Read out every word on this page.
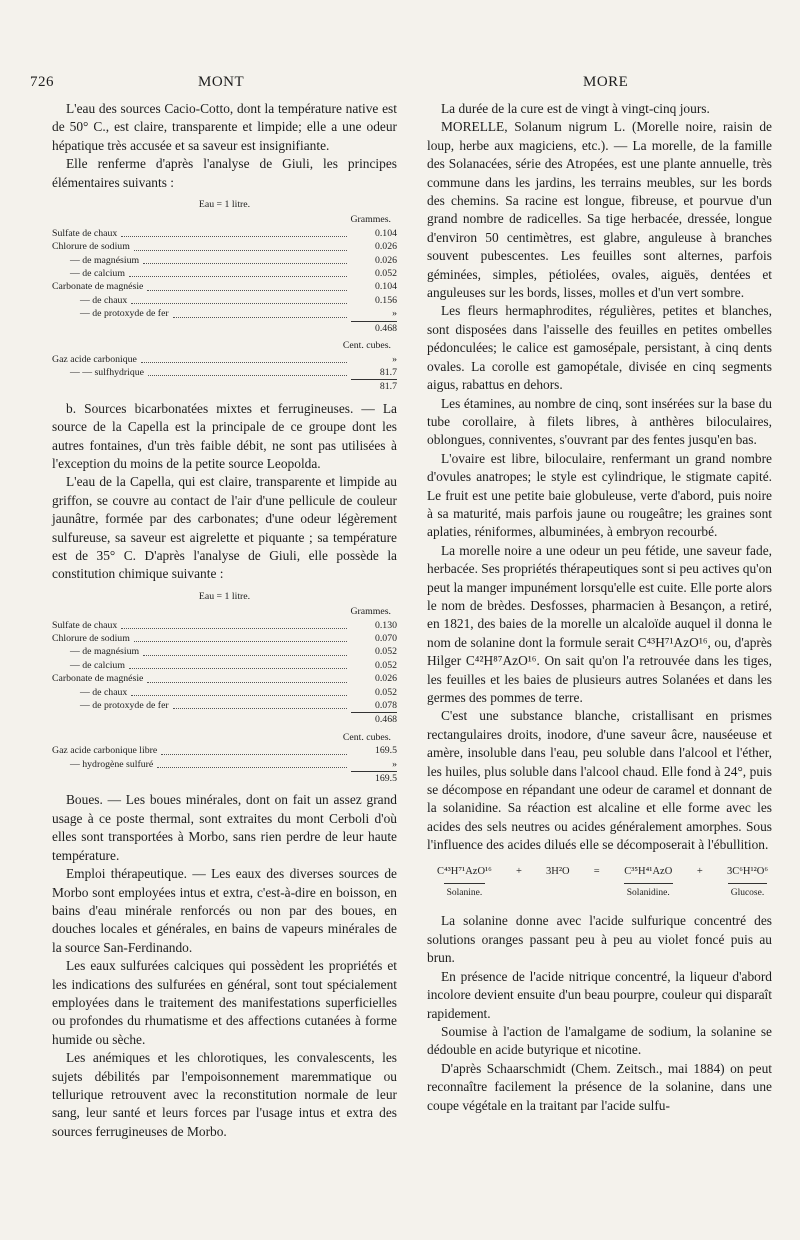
726	MONT	MORE

L'eau des sources Cacio-Cotto, dont la température native est de 50° C., est claire, transparente et limpide; elle a une odeur hépatique très accusée et sa saveur est insignifiante.

Elle renferme d'après l'analyse de Giuli, les principes élémentaires suivants :

Eau = 1 litre.
Grammes.
Sulfate de chaux	0.104
Chlorure de sodium	0.026
— de magnésium	0.026
— de calcium	0.052
Carbonate de magnésie	0.104
— de chaux	0.156
— de protoxyde de fer	»
0.468
Cent. cubes.
Gaz acide carbonique	»
— — sulfhydrique	81.7
81.7

b. Sources bicarbonatées mixtes et ferrugineuses. — La source de la Capella est la principale de ce groupe dont les autres fontaines, d'un très faible débit, ne sont pas utilisées à l'exception du moins de la petite source Leopolda.

L'eau de la Capella, qui est claire, transparente et limpide au griffon, se couvre au contact de l'air d'une pellicule de couleur jaunâtre, formée par des carbonates; d'une odeur légèrement sulfureuse, sa saveur est aigrelette et piquante ; sa température est de 35° C. D'après l'analyse de Giuli, elle possède la constitution chimique suivante :

Eau = 1 litre.
Grammes.
Sulfate de chaux	0.130
Chlorure de sodium	0.070
— de magnésium	0.052
— de calcium	0.052
Carbonate de magnésie	0.026
— de chaux	0.052
— de protoxyde de fer	0.078
0.468
Cent. cubes.
Gaz acide carbonique libre	169.5
— hydrogène sulfuré	»
169.5

Boues. — Les boues minérales, dont on fait un assez grand usage à ce poste thermal, sont extraites du mont Cerboli d'où elles sont transportées à Morbo, sans rien perdre de leur haute température.

Emploi thérapeutique. — Les eaux des diverses sources de Morbo sont employées intus et extra, c'est-à-dire en boisson, en bains d'eau minérale renforcés ou non par des boues, en douches locales et générales, en bains de vapeurs minérales de la source San-Ferdinando.

Les eaux sulfurées calciques qui possèdent les propriétés et les indications des sulfurées en général, sont tout spécialement employées dans le traitement des manifestations superficielles ou profondes du rhumatisme et des affections cutanées à forme humide ou sèche.

Les anémiques et les chlorotiques, les convalescents, les sujets débilités par l'empoisonnement maremmatique ou tellurique retrouvent avec la reconstitution normale de leur sang, leur santé et leurs forces par l'usage intus et extra des sources ferrugineuses de Morbo.

La durée de la cure est de vingt à vingt-cinq jours.

MORELLE, Solanum nigrum L. (Morelle noire, raisin de loup, herbe aux magiciens, etc.). — La morelle, de la famille des Solanacées, série des Atropées, est une plante annuelle, très commune dans les jardins, les terrains meubles, sur les bords des chemins. Sa racine est longue, fibreuse, et pourvue d'un grand nombre de radicelles. Sa tige herbacée, dressée, longue d'environ 50 centimètres, est glabre, anguleuse à branches souvent pubescentes. Les feuilles sont alternes, parfois géminées, simples, pétiolées, ovales, aiguës, dentées et anguleuses sur les bords, lisses, molles et d'un vert sombre.

Les fleurs hermaphrodites, régulières, petites et blanches, sont disposées dans l'aisselle des feuilles en petites ombelles pédonculées; le calice est gamosépale, persistant, à cinq dents ovales. La corolle est gamopétale, divisée en cinq segments aigus, rabattus en dehors.

Les étamines, au nombre de cinq, sont insérées sur la base du tube corollaire, à filets libres, à anthères biloculaires, oblongues, conniventes, s'ouvrant par des fentes jusqu'en bas.

L'ovaire est libre, biloculaire, renfermant un grand nombre d'ovules anatropes; le style est cylindrique, le stigmate capité. Le fruit est une petite baie globuleuse, verte d'abord, puis noire à sa maturité, mais parfois jaune ou rougeâtre; les graines sont aplaties, réniformes, albuminées, à embryon recourbé.

La morelle noire a une odeur un peu fétide, une saveur fade, herbacée. Ses propriétés thérapeutiques sont si peu actives qu'on peut la manger impunément lorsqu'elle est cuite. Elle porte alors le nom de brèdes. Desfosses, pharmacien à Besançon, a retiré, en 1821, des baies de la morelle un alcaloïde auquel il donna le nom de solanine dont la formule serait C⁴³H⁷¹AzO¹⁶, ou, d'après Hilger C⁴²H⁸⁷AzO¹⁶. On sait qu'on l'a retrouvée dans les tiges, les feuilles et les baies de plusieurs autres Solanées et dans les germes des pommes de terre.

C'est une substance blanche, cristallisant en prismes rectangulaires droits, inodore, d'une saveur âcre, nauséeuse et amère, insoluble dans l'eau, peu soluble dans l'alcool et l'éther, les huiles, plus soluble dans l'alcool chaud. Elle fond à 24°, puis se décompose en répandant une odeur de caramel et donnant de la solanidine. Sa réaction est alcaline et elle forme avec les acides des sels neutres ou acides généralement amorphes. Sous l'influence des acides dilués elle se décomposerait à l'ébullition.

C⁴³H⁷¹AzO¹⁶
Solanine.
+ 3H²O = C³⁵H⁴¹AzO
Solanidine.
+ 3C⁶H¹²O⁶
Glucose.

La solanine donne avec l'acide sulfurique concentré des solutions oranges passant peu à peu au violet foncé puis au brun.

En présence de l'acide nitrique concentré, la liqueur d'abord incolore devient ensuite d'un beau pourpre, couleur qui disparaît rapidement.

Soumise à l'action de l'amalgame de sodium, la solanine se dédouble en acide butyrique et nicotine.

D'après Schaarschmidt (Chem. Zeitsch., mai 1884) on peut reconnaître facilement la présence de la solanine, dans une coupe végétale en la traitant par l'acide sulfu-
